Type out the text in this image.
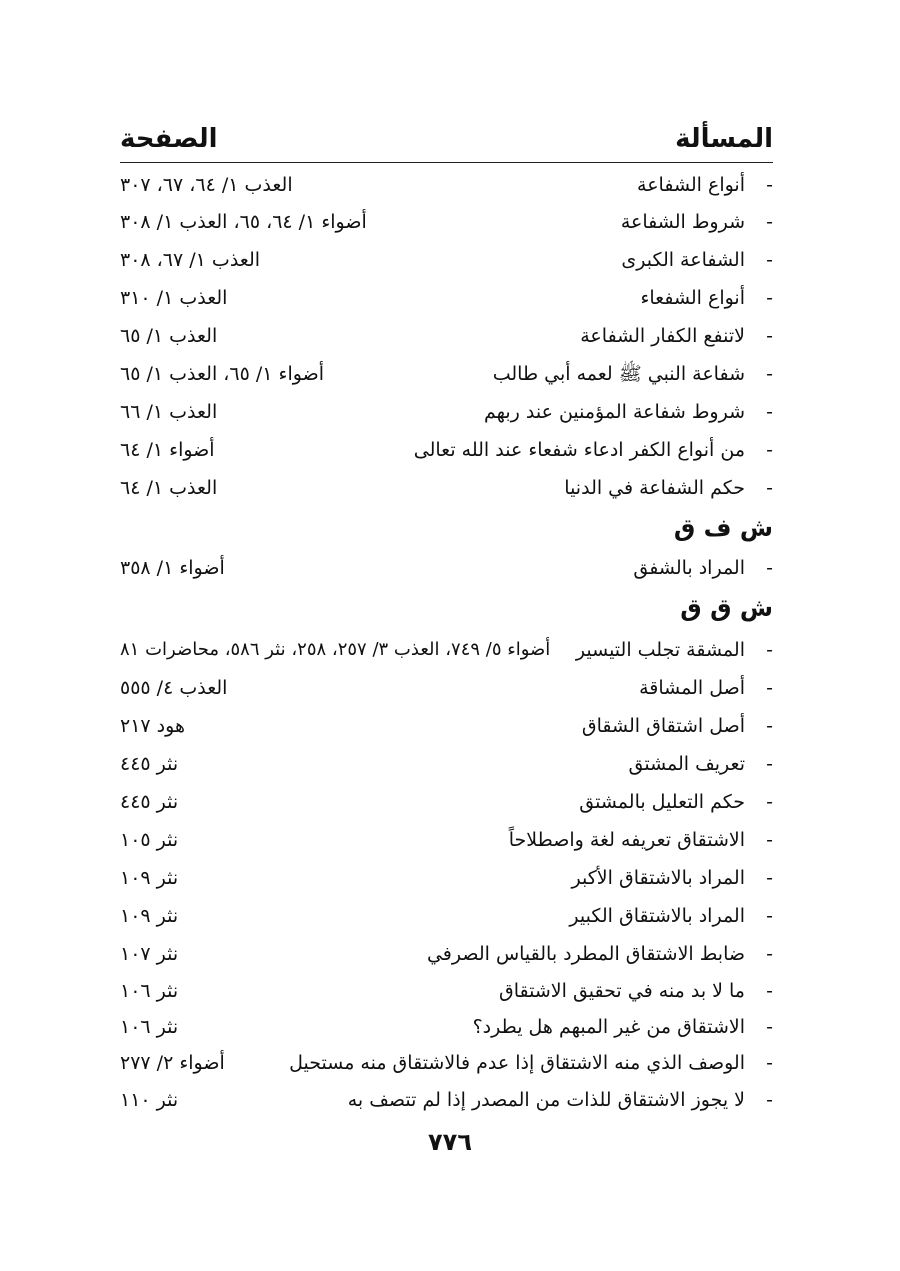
المسألة
الصفحة
-
أنواع الشفاعة
العذب ١/ ٦٤، ٦٧، ٣٠٧
-
شروط الشفاعة
أضواء ١/ ٦٤، ٦٥، العذب ١/ ٣٠٨
-
الشفاعة الكبرى
العذب ١/ ٦٧، ٣٠٨
-
أنواع الشفعاء
العذب ١/ ٣١٠
-
لاتنفع الكفار الشفاعة
العذب ١/ ٦٥
-
شفاعة النبي ﷺ لعمه أبي طالب
أضواء ١/ ٦٥، العذب ١/ ٦٥
-
شروط شفاعة المؤمنين عند ربهم
العذب ١/ ٦٦
-
من أنواع الكفر ادعاء شفعاء عند الله تعالى
أضواء ١/ ٦٤
-
حكم الشفاعة في الدنيا
العذب ١/ ٦٤
ش ف ق
-
المراد بالشفق
أضواء ١/ ٣٥٨
ش ق ق
-
المشقة تجلب التيسير
أضواء ٥/ ٧٤٩، العذب ٣/ ٢٥٧، ٢٥٨، نثر ٥٨٦، محاضرات ٨١
-
أصل المشاقة
العذب ٤/ ٥٥٥
-
أصل اشتقاق الشقاق
هود ٢١٧
-
تعريف المشتق
نثر ٤٤٥
-
حكم التعليل بالمشتق
نثر ٤٤٥
-
الاشتقاق تعريفه لغة واصطلاحاً
نثر ١٠٥
-
المراد بالاشتقاق الأكبر
نثر ١٠٩
-
المراد بالاشتقاق الكبير
نثر ١٠٩
-
ضابط الاشتقاق المطرد بالقياس الصرفي
نثر ١٠٧
-
ما لا بد منه في تحقيق الاشتقاق
نثر ١٠٦
-
الاشتقاق من غير المبهم هل يطرد؟
نثر ١٠٦
-
الوصف الذي منه الاشتقاق إذا عدم فالاشتقاق منه مستحيل
أضواء ٢/ ٢٧٧
-
لا يجوز الاشتقاق للذات من المصدر إذا لم تتصف به
نثر ١١٠
٧٧٦
